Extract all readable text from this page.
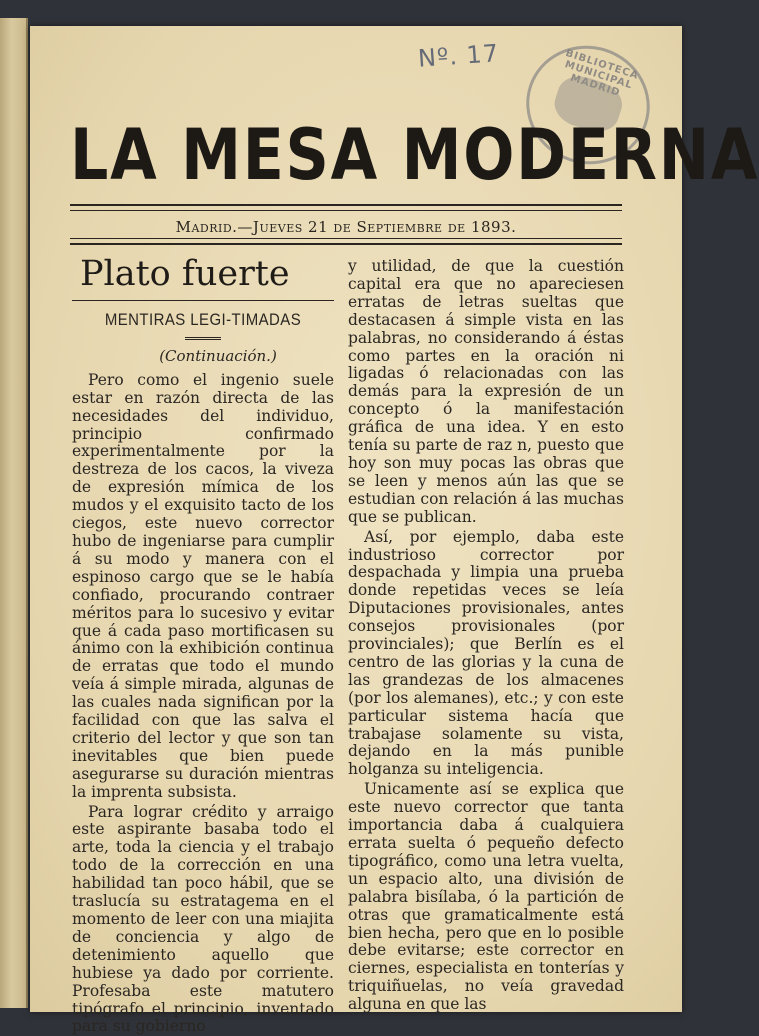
Nº. 17	BIBLIOTECA MUNICIPAL MADRID
LA MESA MODERNA
Madrid.—Jueves 21 de Septiembre de 1893.
Plato fuerte
MENTIRAS LEGI-TIMADAS
(Continuación.)

Pero como el ingenio suele estar en razón directa de las necesidades del individuo, principio confirmado experimentalmente por la destreza de los cacos, la viveza de expresión mímica de los mudos y el exquisito tacto de los ciegos, este nuevo corrector hubo de ingeniarse para cumplir á su modo y manera con el espinoso cargo que se le había confiado, procurando contraer méritos para lo sucesivo y evitar que á cada paso mortificasen su ánimo con la exhibición continua de erratas que todo el mundo veía á simple mirada, algunas de las cuales nada significan por la facilidad con que las salva el criterio del lector y que son tan inevitables que bien puede asegurarse su duración mientras la imprenta subsista.

Para lograr crédito y arraigo este aspirante basaba todo el arte, toda la ciencia y el trabajo todo de la corrección en una habilidad tan poco hábil, que se traslucía su estratagema en el momento de leer con una miajita de conciencia y algo de detenimiento aquello que hubiese ya dado por corriente. Profesaba este matutero tipógrafo el principio, inventado para su gobierno

y utilidad, de que la cuestión capital era que no apareciesen erratas de letras sueltas que destacasen á simple vista en las palabras, no considerando á éstas como partes en la oración ni ligadas ó relacionadas con las demás para la expresión de un concepto ó la manifestación gráfica de una idea. Y en esto tenía su parte de raz n, puesto que hoy son muy pocas las obras que se leen y menos aún las que se estudian con relación á las muchas que se publican.

Así, por ejemplo, daba este industrioso corrector por despachada y limpia una prueba donde repetidas veces se leía Diputaciones provisionales, antes consejos provisionales (por provinciales); que Berlín es el centro de las glorias y la cuna de las grandezas de los almacenes (por los alemanes), etc.; y con este particular sistema hacía que trabajase solamente su vista, dejando en la más punible holganza su inteligencia.

Unicamente así se explica que este nuevo corrector que tanta importancia daba á cualquiera errata suelta ó pequeño defecto tipográfico, como una letra vuelta, un espacio alto, una división de palabra bisílaba, ó la partición de otras que gramaticalmente está bien hecha, pero que en lo posible debe evitarse; este corrector en ciernes, especialista en tonterías y triquiñuelas, no veía gravedad alguna en que las
